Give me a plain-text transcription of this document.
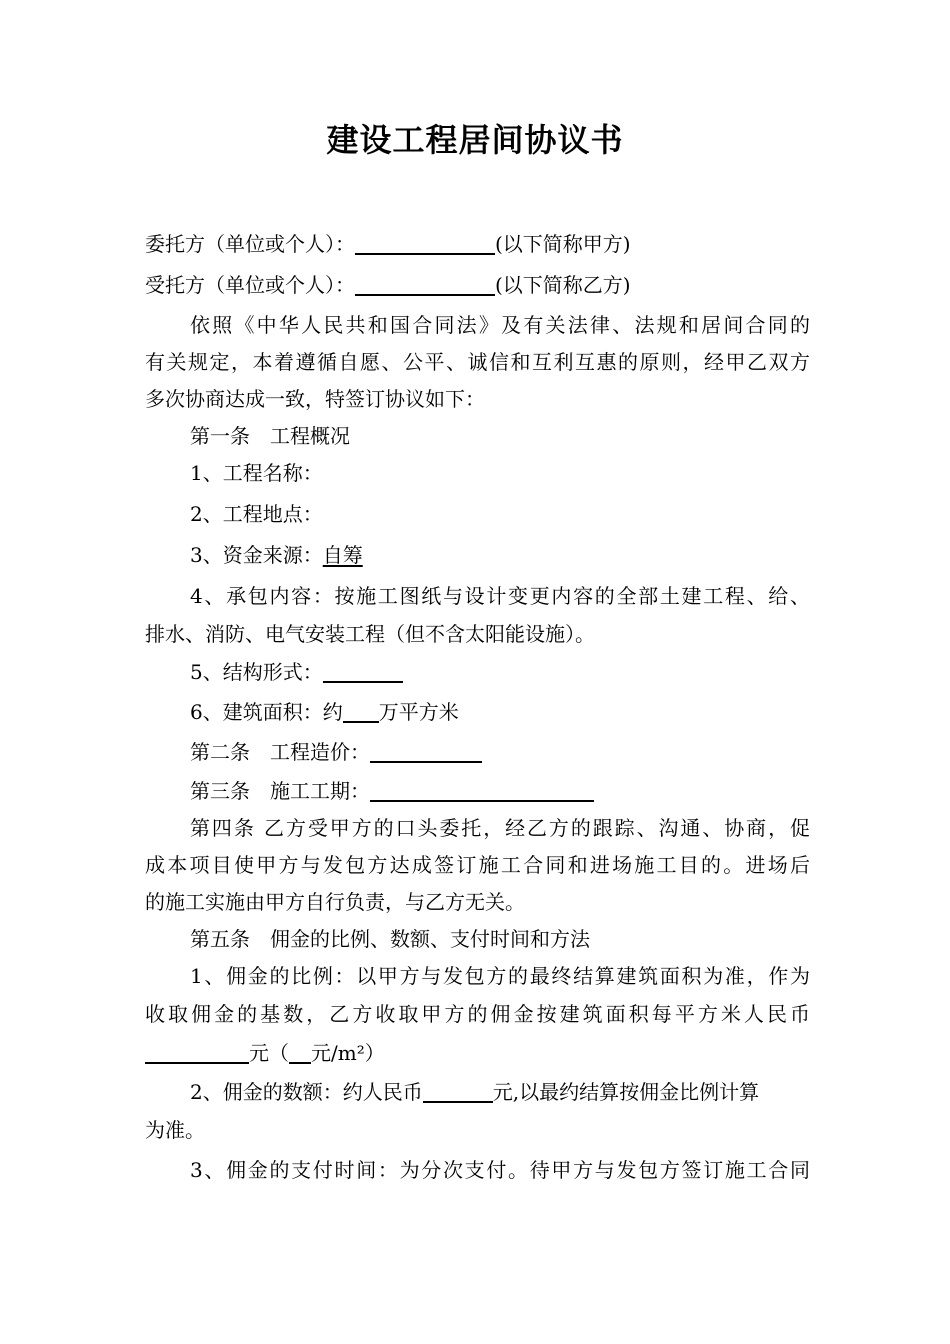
建设工程居间协议书
委托方（单位或个人）：	(以下简称甲方)
受托方（单位或个人）：	(以下简称乙方)
依照《中华人民共和国合同法》及有关法律、法规和居间合同的
有关规定，本着遵循自愿、公平、诚信和互利互惠的原则，经甲乙双方
多次协商达成一致，特签订协议如下：
第一条 工程概况
1、工程名称：
2、工程地点：
3、资金来源：自筹
4、承包内容：按施工图纸与设计变更内容的全部土建工程、给、
排水、消防、电气安装工程（但不含太阳能设施）。
5、结构形式：
6、建筑面积：约 万平方米
第二条 工程造价：
第三条 施工工期：
第四条 乙方受甲方的口头委托，经乙方的跟踪、沟通、协商，促
成本项目使甲方与发包方达成签订施工合同和进场施工目的。进场后
的施工实施由甲方自行负责，与乙方无关。
第五条 佣金的比例、数额、支付时间和方法
1、佣金的比例：以甲方与发包方的最终结算建筑面积为准，作为
收取佣金的基数，乙方收取甲方的佣金按建筑面积每平方米人民币
元（ 元/m²）
2、佣金的数额：约人民币	元,以最约结算按佣金比例计算
为准。
3、佣金的支付时间：为分次支付。待甲方与发包方签订施工合同
